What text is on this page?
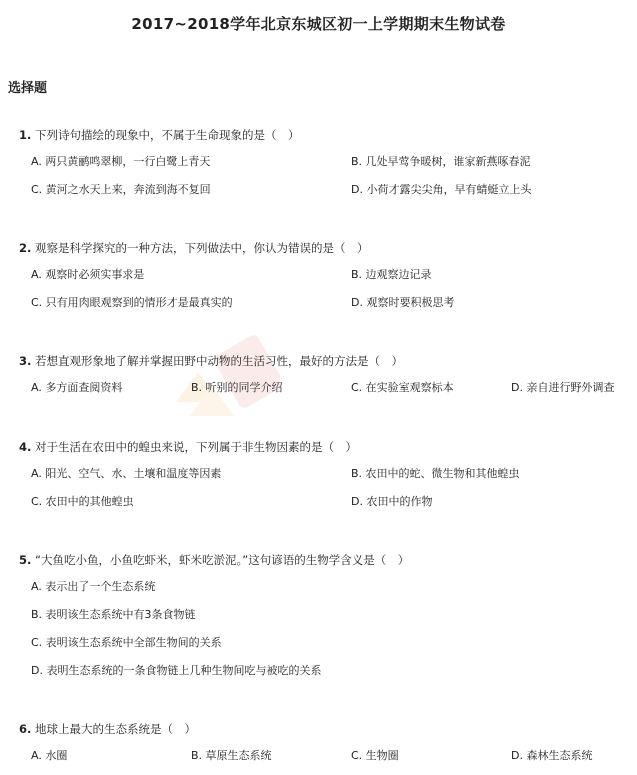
2017~2018学年北京东城区初一上学期期末生物试卷
选择题
1. 下列诗句描绘的现象中，不属于生命现象的是（　）
A. 两只黄鹂鸣翠柳，一行白鹭上青天	B. 几处早莺争暖树，谁家新燕啄春泥
C. 黄河之水天上来，奔流到海不复回	D. 小荷才露尖尖角，早有蜻蜓立上头
2. 观察是科学探究的一种方法，下列做法中，你认为错误的是（　）
A. 观察时必须实事求是	B. 边观察边记录
C. 只有用肉眼观察到的情形才是最真实的	D. 观察时要积极思考
3. 若想直观形象地了解并掌握田野中动物的生活习性，最好的方法是（　）
A. 多方面查阅资料	B. 听别的同学介绍	C. 在实验室观察标本	D. 亲自进行野外调查
4. 对于生活在农田中的蝗虫来说，下列属于非生物因素的是（　）
A. 阳光、空气、水、土壤和温度等因素	B. 农田中的蛇、微生物和其他蝗虫
C. 农田中的其他蝗虫	D. 农田中的作物
5. “大鱼吃小鱼，小鱼吃虾米，虾米吃淤泥。”这句谚语的生物学含义是（　）
A. 表示出了一个生态系统
B. 表明该生态系统中有3条食物链
C. 表明该生态系统中全部生物间的关系
D. 表明生态系统的一条食物链上几种生物间吃与被吃的关系
6. 地球上最大的生态系统是（　）
A. 水圈	B. 草原生态系统	C. 生物圈	D. 森林生态系统
